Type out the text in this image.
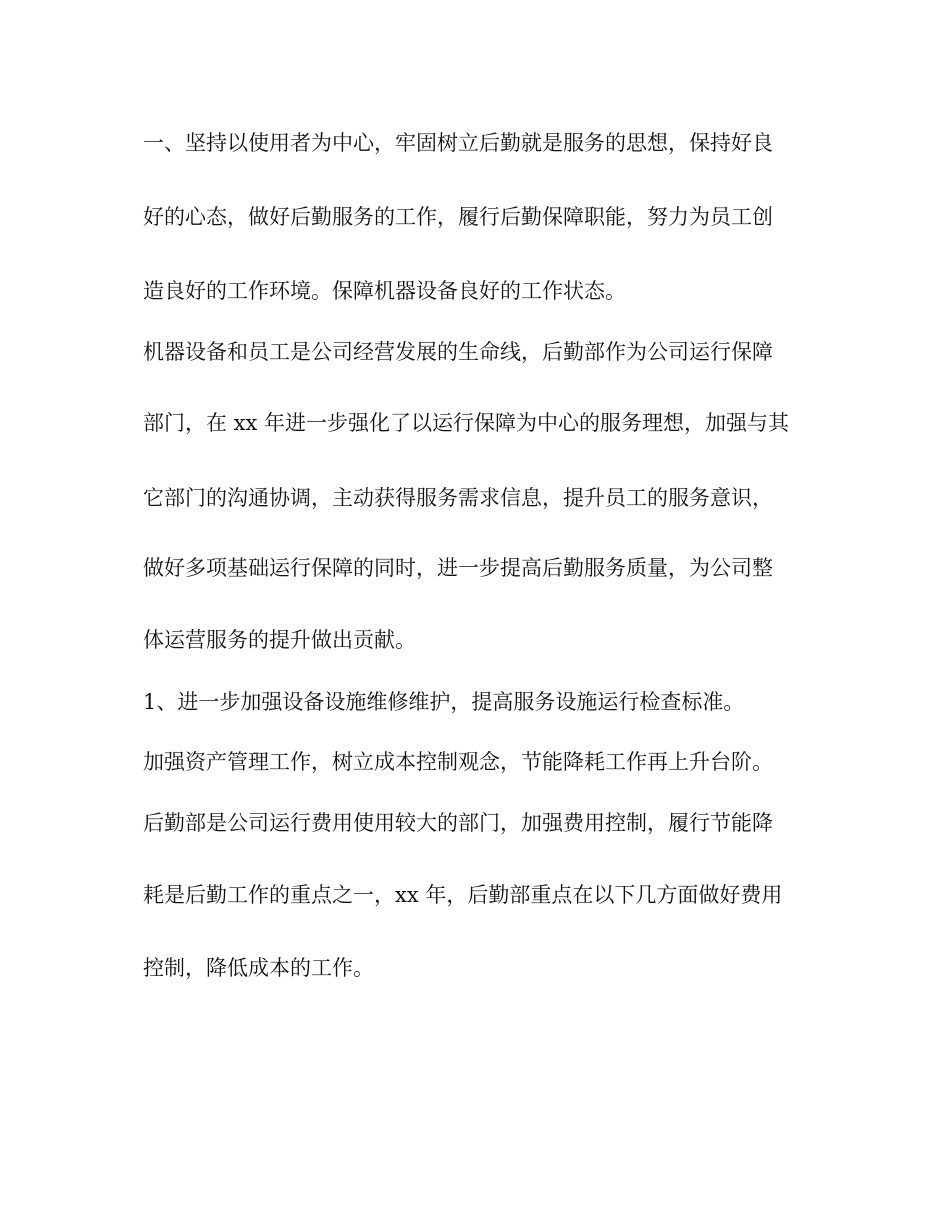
一、坚持以使用者为中心，牢固树立后勤就是服务的思想，保持好良
好的心态，做好后勤服务的工作，履行后勤保障职能，努力为员工创
造良好的工作环境。保障机器设备良好的工作状态。
机器设备和员工是公司经营发展的生命线，后勤部作为公司运行保障
部门，在 xx 年进一步强化了以运行保障为中心的服务理想，加强与其
它部门的沟通协调，主动获得服务需求信息，提升员工的服务意识，
做好多项基础运行保障的同时，进一步提高后勤服务质量，为公司整
体运营服务的提升做出贡献。
1、进一步加强设备设施维修维护，提高服务设施运行检查标准。
加强资产管理工作，树立成本控制观念，节能降耗工作再上升台阶。
后勤部是公司运行费用使用较大的部门，加强费用控制，履行节能降
耗是后勤工作的重点之一，xx 年，后勤部重点在以下几方面做好费用
控制，降低成本的工作。
